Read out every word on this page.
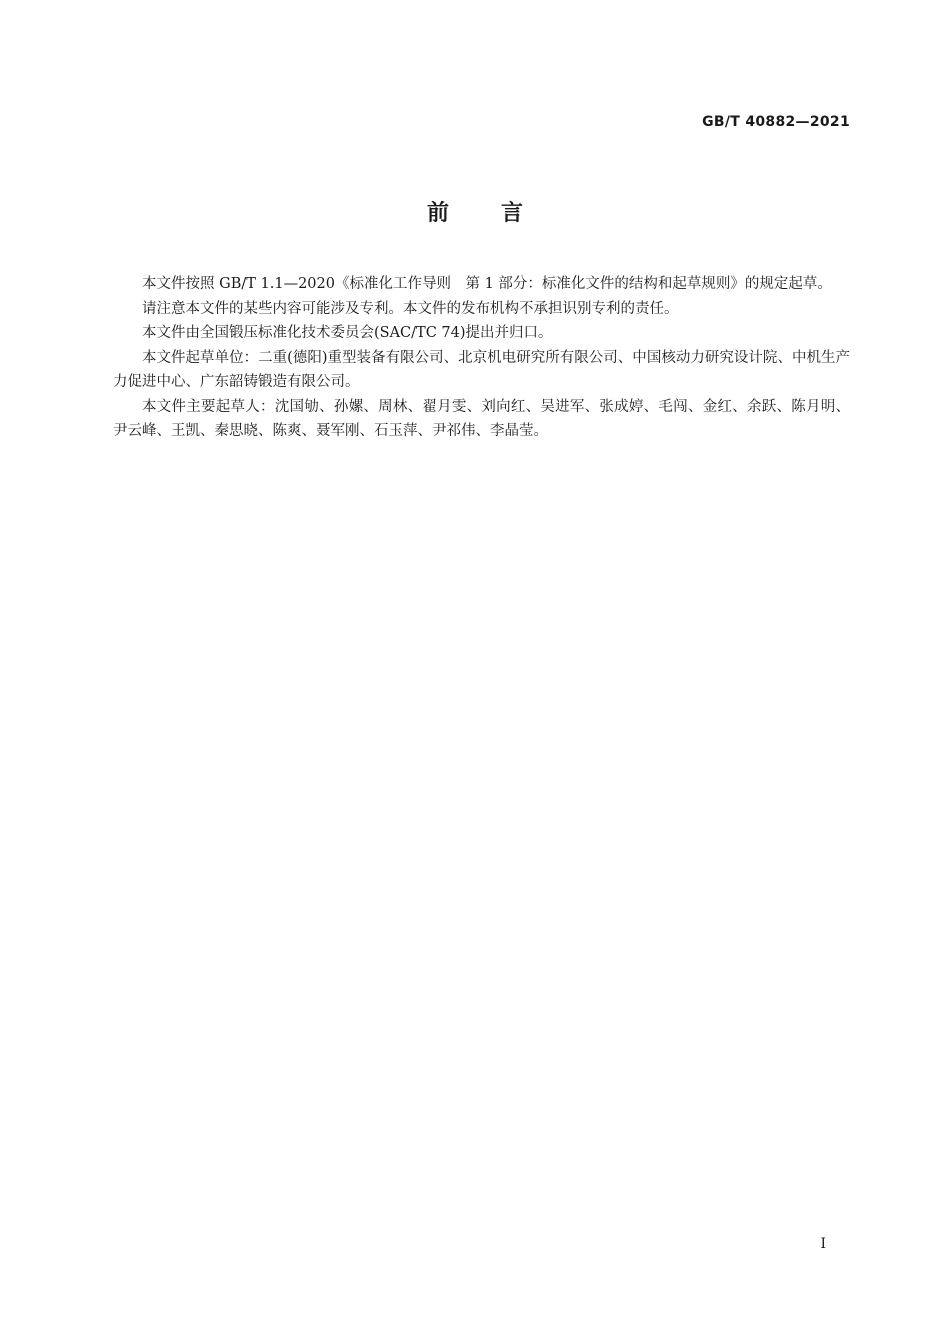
GB/T 40882—2021
前言

本文件按照 GB/T 1.1—2020《标准化工作导则　第 1 部分：标准化文件的结构和起草规则》的规定起草。

请注意本文件的某些内容可能涉及专利。本文件的发布机构不承担识别专利的责任。

本文件由全国锻压标准化技术委员会(SAC/TC 74)提出并归口。

本文件起草单位：二重(德阳)重型装备有限公司、北京机电研究所有限公司、中国核动力研究设计院、中机生产力促进中心、广东韶铸锻造有限公司。

本文件主要起草人：沈国劬、孙嫘、周林、翟月雯、刘向红、吴进军、张成婷、毛闯、金红、余跃、陈月明、尹云峰、王凯、秦思晓、陈爽、聂军刚、石玉萍、尹祁伟、李晶莹。

I
